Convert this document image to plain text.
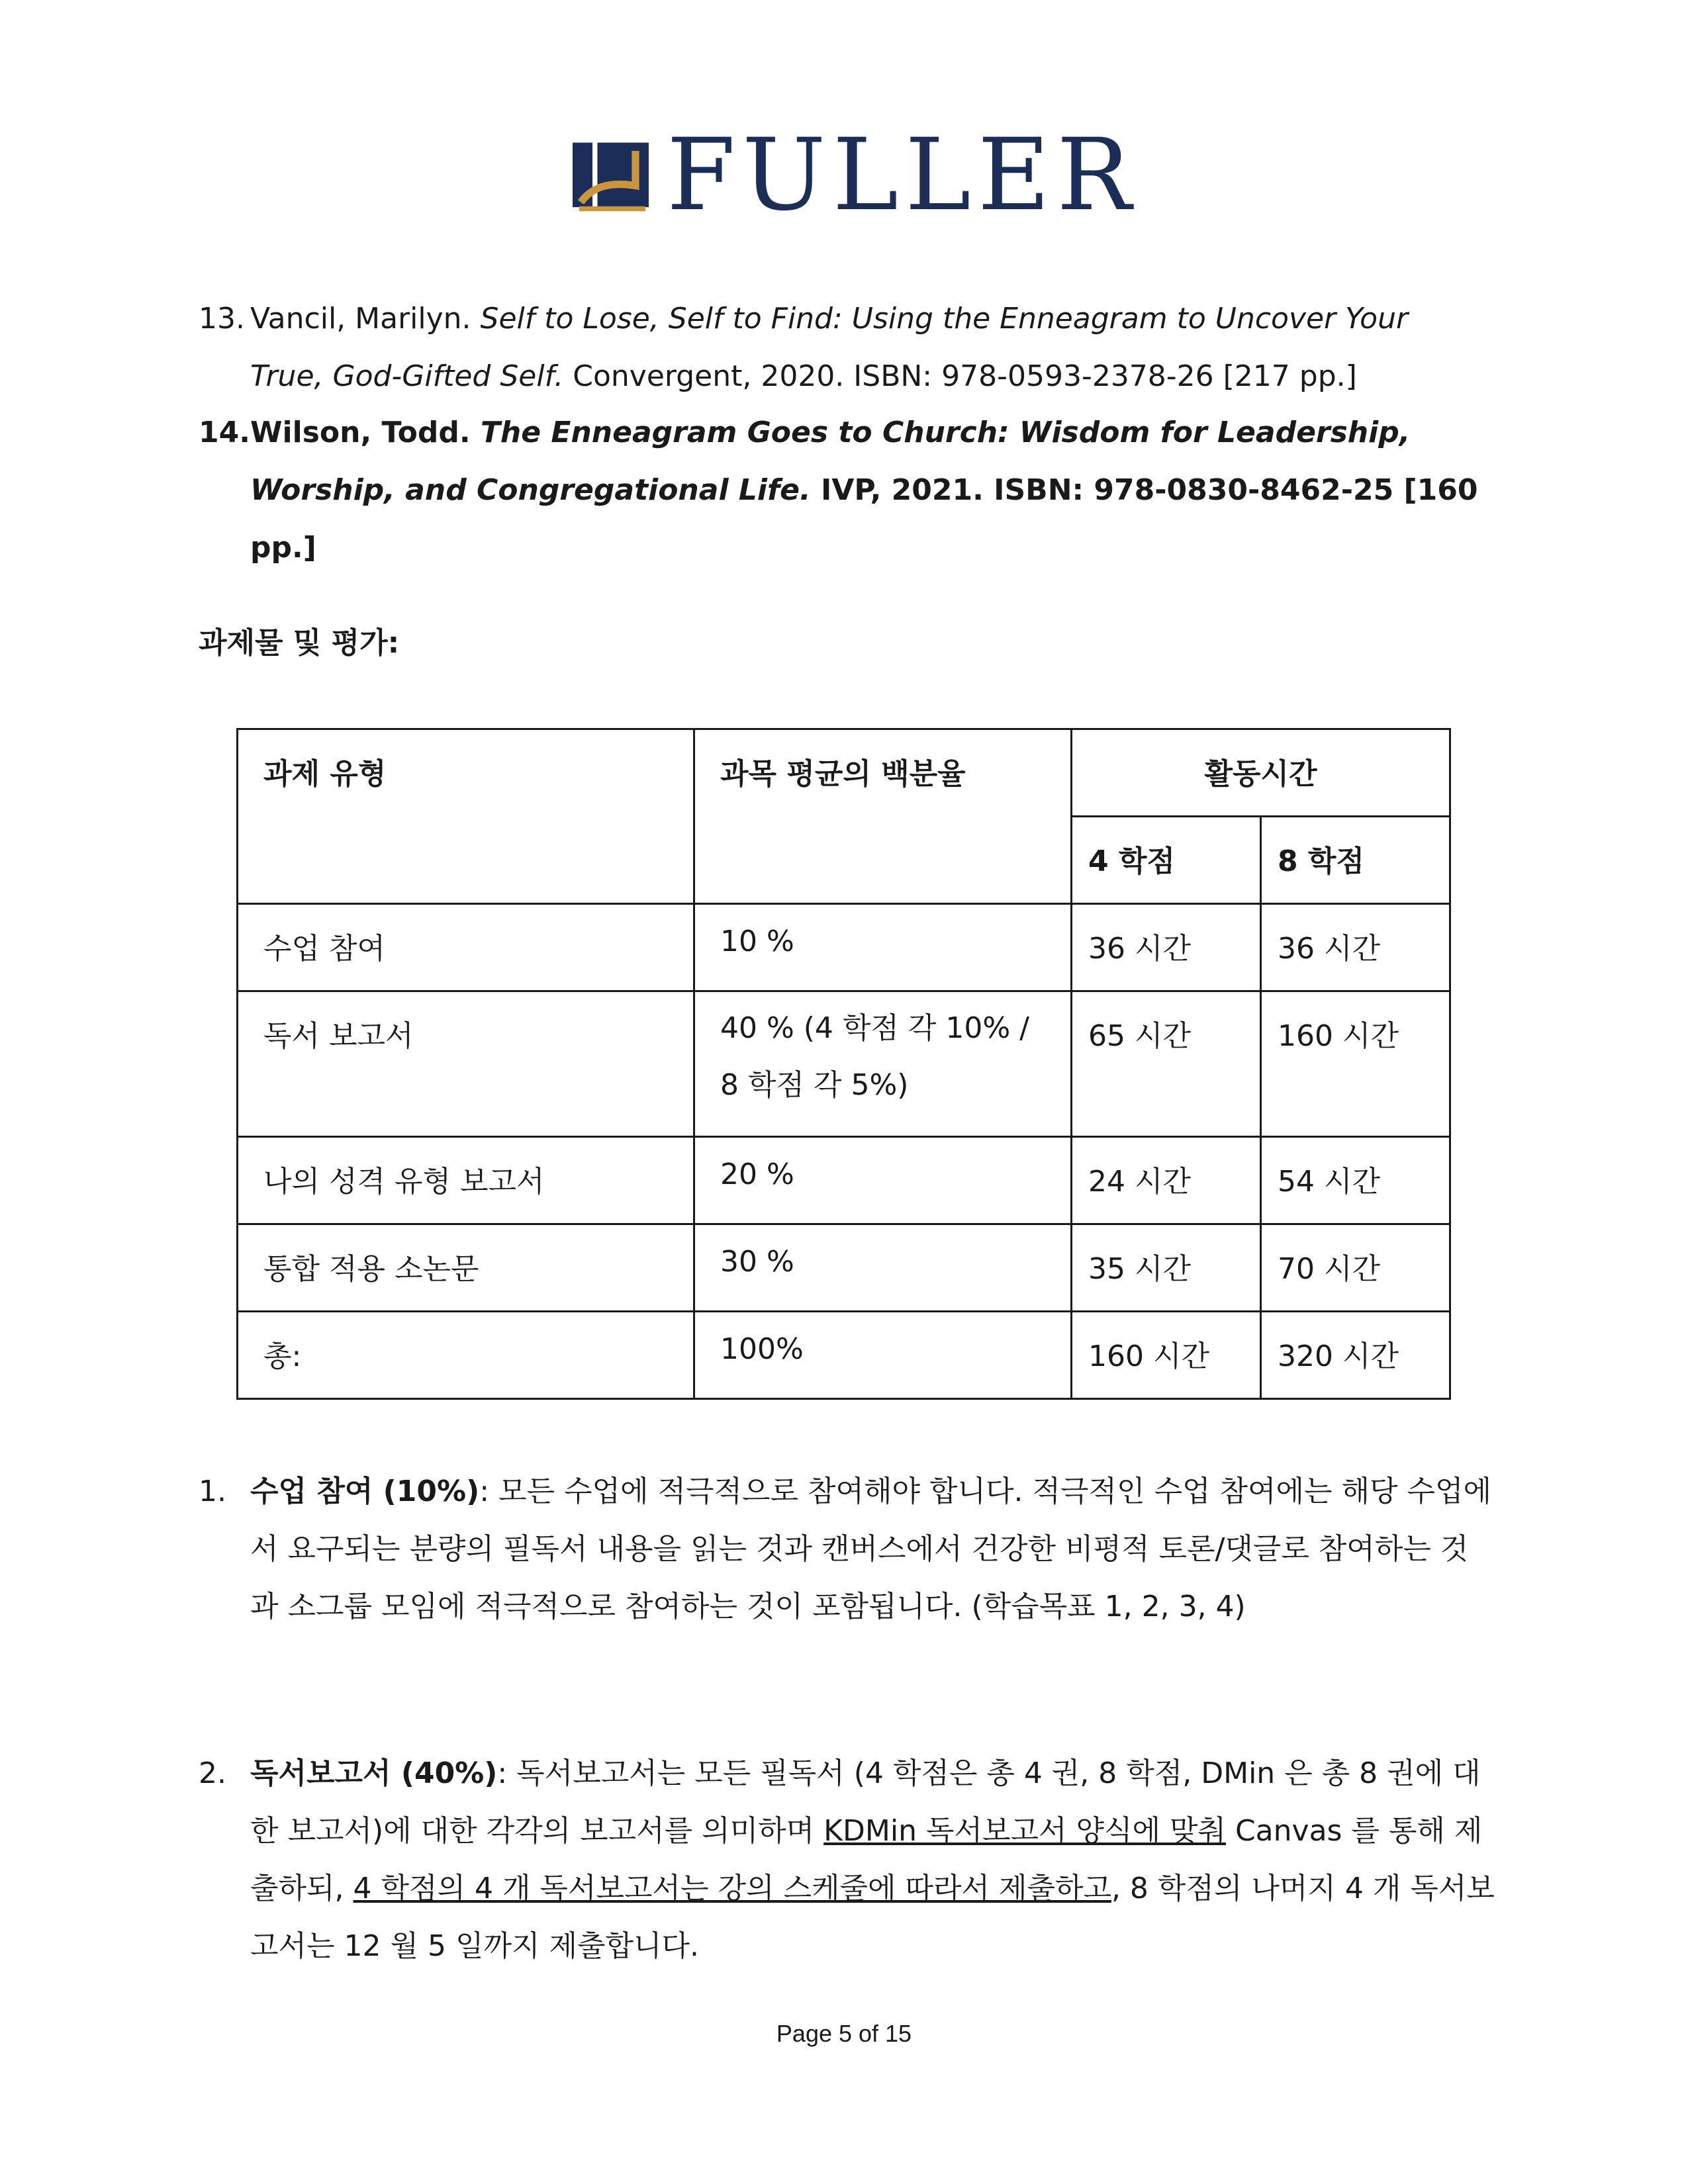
FULLER
13. Vancil, Marilyn. Self to Lose, Self to Find: Using the Enneagram to Uncover Your True, God-Gifted Self. Convergent, 2020. ISBN: 978-0593-2378-26 [217 pp.]
14. Wilson, Todd. The Enneagram Goes to Church: Wisdom for Leadership, Worship, and Congregational Life. IVP, 2021. ISBN: 978-0830-8462-25 [160 pp.]
과제물 및 평가:
과제 유형	과목 평균의 백분율	활동시간	
		4 학점	8 학점
수업 참여	10 %	36 시간	36 시간
독서 보고서	40 % (4 학점 각 10% / 8 학점 각 5%)	65 시간	160 시간
나의 성격 유형 보고서	20 %	24 시간	54 시간
통합 적용 소논문	30 %	35 시간	70 시간
총:	100%	160 시간	320 시간
1. 수업 참여 (10%): 모든 수업에 적극적으로 참여해야 합니다. 적극적인 수업 참여에는 해당 수업에서 요구되는 분량의 필독서 내용을 읽는 것과 캔버스에서 건강한 비평적 토론/댓글로 참여하는 것과 소그룹 모임에 적극적으로 참여하는 것이 포함됩니다. (학습목표 1, 2, 3, 4)
2. 독서보고서 (40%): 독서보고서는 모든 필독서 (4 학점은 총 4 권, 8 학점, DMin 은 총 8 권에 대한 보고서)에 대한 각각의 보고서를 의미하며 KDMin 독서보고서 양식에 맞춰 Canvas 를 통해 제출하되, 4 학점의 4 개 독서보고서는 강의 스케줄에 따라서 제출하고, 8 학점의 나머지 4 개 독서보고서는 12 월 5 일까지 제출합니다.
Page 5 of 15
